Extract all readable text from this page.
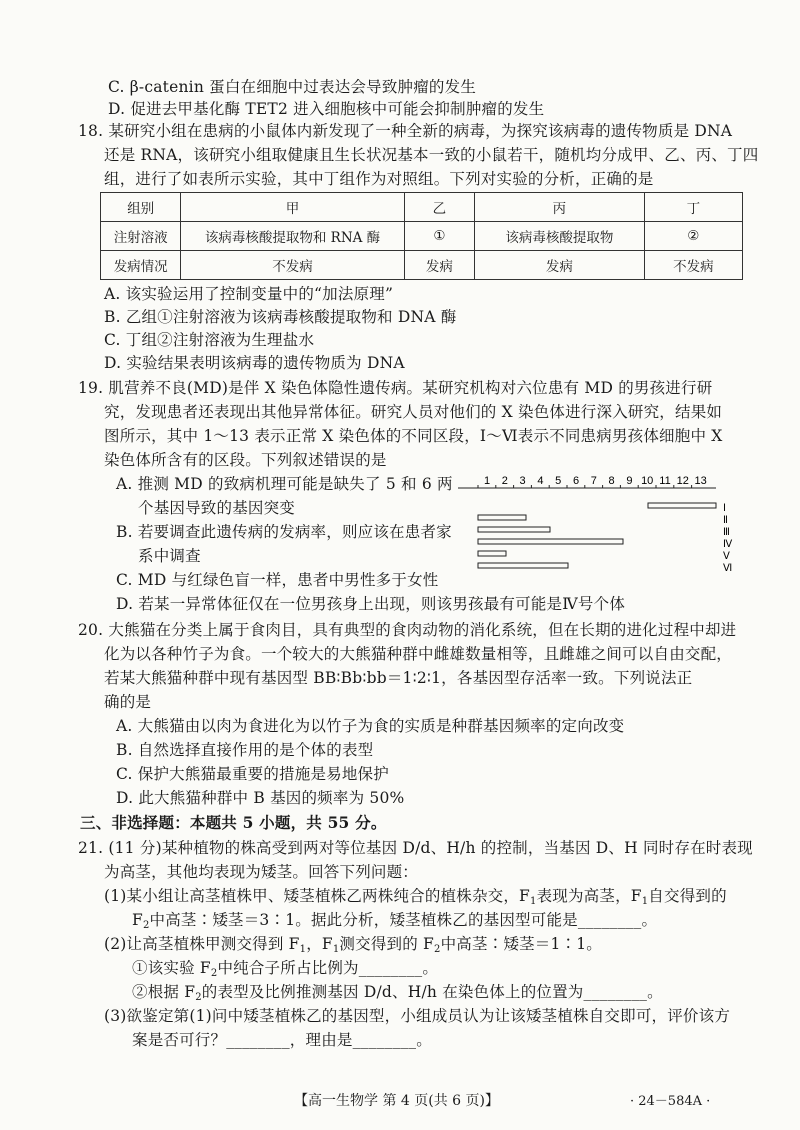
C. β-catenin 蛋白在细胞中过表达会导致肿瘤的发生
D. 促进去甲基化酶 TET2 进入细胞核中可能会抑制肿瘤的发生
18. 某研究小组在患病的小鼠体内新发现了一种全新的病毒，为探究该病毒的遗传物质是 DNA
还是 RNA，该研究小组取健康且生长状况基本一致的小鼠若干，随机均分成甲、乙、丙、丁四
组，进行了如表所示实验，其中丁组作为对照组。下列对实验的分析，正确的是
组别	甲	乙	丙	丁
注射溶液	该病毒核酸提取物和 RNA 酶	①	该病毒核酸提取物	②
发病情况	不发病	发病	发病	不发病
A. 该实验运用了控制变量中的“加法原理”
B. 乙组①注射溶液为该病毒核酸提取物和 DNA 酶
C. 丁组②注射溶液为生理盐水
D. 实验结果表明该病毒的遗传物质为 DNA
19. 肌营养不良(MD)是伴 X 染色体隐性遗传病。某研究机构对六位患有 MD 的男孩进行研
究，发现患者还表现出其他异常体征。研究人员对他们的 X 染色体进行深入研究，结果如
图所示，其中 1～13 表示正常 X 染色体的不同区段，Ⅰ～Ⅵ表示不同患病男孩体细胞中 X
染色体所含有的区段。下列叙述错误的是
A. 推测 MD 的致病机理可能是缺失了 5 和 6 两
个基因导致的基因突变
B. 若要调查此遗传病的发病率，则应该在患者家
系中调查
C. MD 与红绿色盲一样，患者中男性多于女性
D. 若某一异常体征仅在一位男孩身上出现，则该男孩最有可能是Ⅳ号个体
1 2 3 4 5 6 7 8 9 10 11 12 13
Ⅰ
Ⅱ
Ⅲ
Ⅳ
Ⅴ
Ⅵ
20. 大熊猫在分类上属于食肉目，具有典型的食肉动物的消化系统，但在长期的进化过程中却进
化为以各种竹子为食。一个较大的大熊猫种群中雌雄数量相等，且雌雄之间可以自由交配，
若某大熊猫种群中现有基因型 BB∶Bb∶bb＝1∶2∶1，各基因型存活率一致。下列说法正
确的是
A. 大熊猫由以肉为食进化为以竹子为食的实质是种群基因频率的定向改变
B. 自然选择直接作用的是个体的表型
C. 保护大熊猫最重要的措施是易地保护
D. 此大熊猫种群中 B 基因的频率为 50%
三、非选择题：本题共 5 小题，共 55 分。
21. (11 分)某种植物的株高受到两对等位基因 D/d、H/h 的控制，当基因 D、H 同时存在时表现
为高茎，其他均表现为矮茎。回答下列问题：
(1)某小组让高茎植株甲、矮茎植株乙两株纯合的植株杂交，$F_1$表现为高茎，$F_1$自交得到的
$F_2$中高茎∶矮茎＝3∶1。据此分析，矮茎植株乙的基因型可能是________。
(2)让高茎植株甲测交得到 $F_1$，$F_1$测交得到的 $F_2$中高茎∶矮茎＝1∶1。
①该实验 $F_2$中纯合子所占比例为________。
②根据 $F_2$的表型及比例推测基因 D/d、H/h 在染色体上的位置为________。
(3)欲鉴定第(1)问中矮茎植株乙的基因型，小组成员认为让该矮茎植株自交即可，评价该方
案是否可行？________，理由是________。
【高一生物学 第 4 页(共 6 页)】	· 24－584A ·
